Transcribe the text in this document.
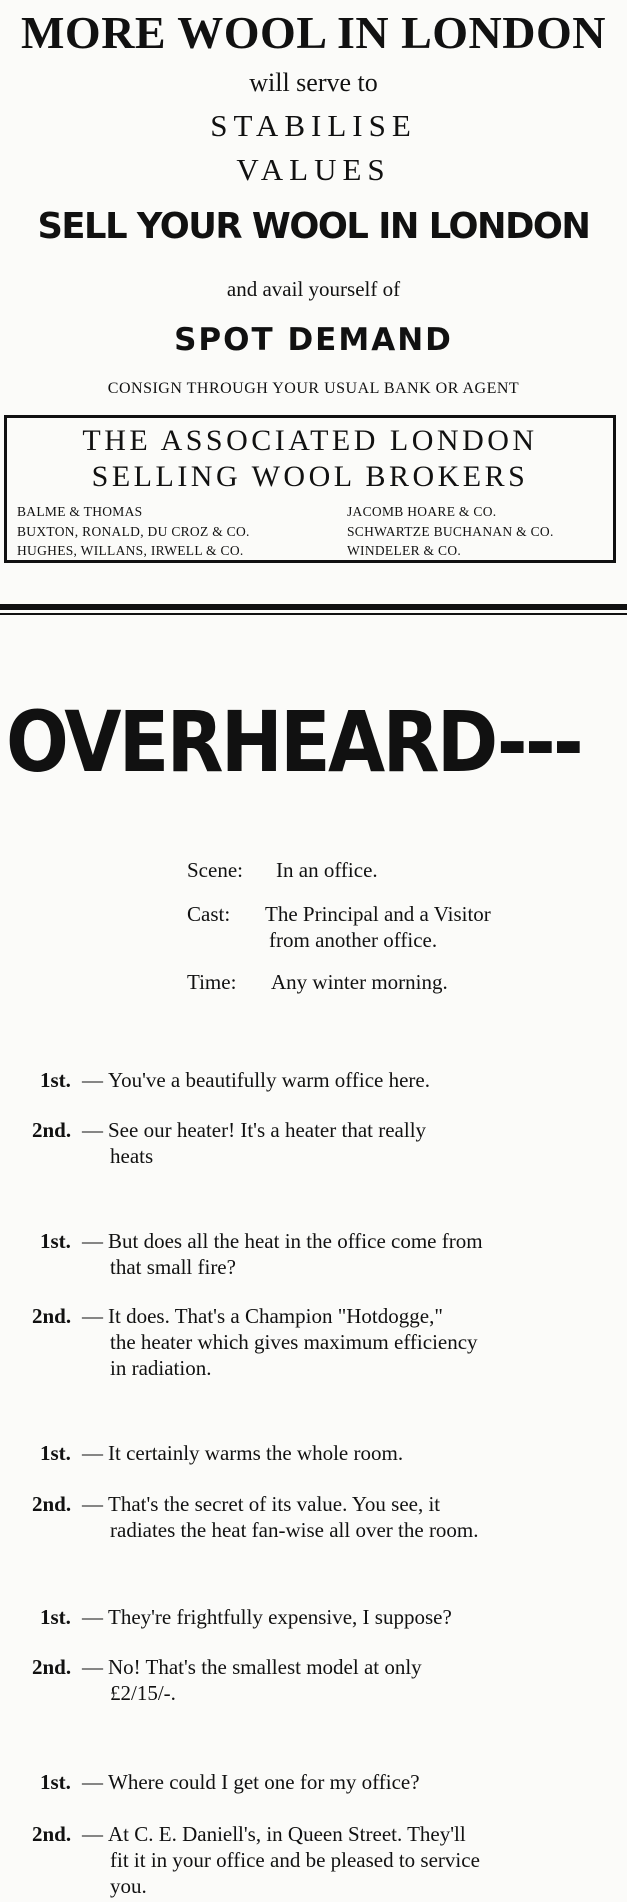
MORE WOOL IN LONDON
will serve to
STABILISE
VALUES
SELL YOUR WOOL IN LONDON
and avail yourself of
SPOT DEMAND
CONSIGN THROUGH YOUR USUAL BANK OR AGENT
THE ASSOCIATED LONDON
SELLING WOOL BROKERS
BALME & THOMAS
BUXTON, RONALD, DU CROZ & CO.
HUGHES, WILLANS, IRWELL & CO.
JACOMB HOARE & CO.
SCHWARTZE BUCHANAN & CO.
WINDELER & CO.
OVERHEARD---
Scene: In an office.
Cast: The Principal and a Visitor
from another office.
Time: Any winter morning.
1st. — You've a beautifully warm office here.
2nd. — See our heater! It's a heater that really
heats
1st. — But does all the heat in the office come from
that small fire?
2nd. — It does. That's a Champion "Hotdogge,"
the heater which gives maximum efficiency
in radiation.
1st. — It certainly warms the whole room.
2nd. — That's the secret of its value. You see, it
radiates the heat fan-wise all over the room.
1st. — They're frightfully expensive, I suppose?
2nd. — No! That's the smallest model at only
£2/15/-.
1st. — Where could I get one for my office?
2nd. — At C. E. Daniell's, in Queen Street. They'll
fit it in your office and be pleased to service
you.
